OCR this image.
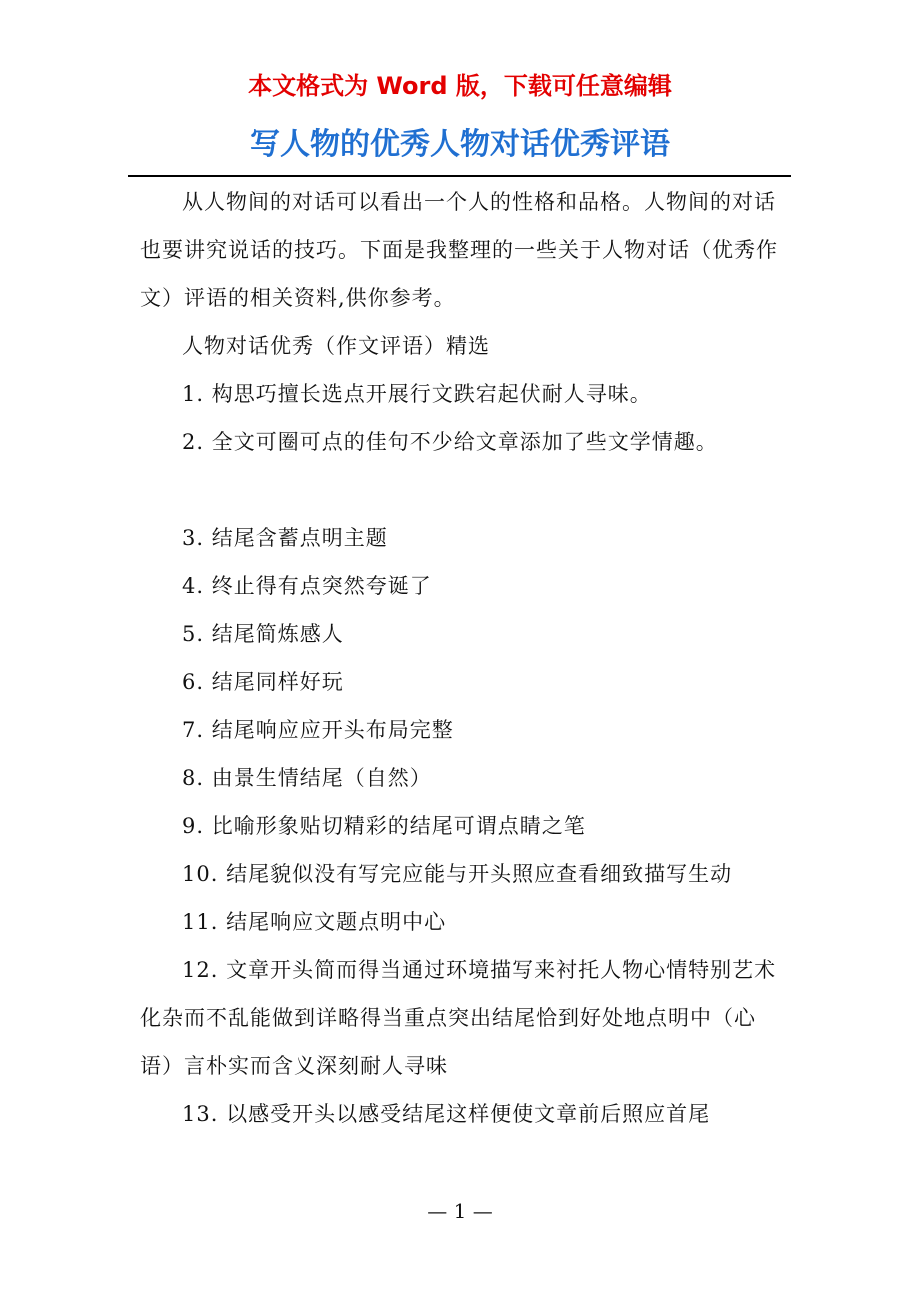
本文格式为 Word 版，下载可任意编辑
写人物的优秀人物对话优秀评语

从人物间的对话可以看出一个人的性格和品格。人物间的对话也要讲究说话的技巧。下面是我整理的一些关于人物对话（优秀作文）评语的相关资料,供你参考。

人物对话优秀（作文评语）精选

1. 构思巧擅长选点开展行文跌宕起伏耐人寻味。

2. 全文可圈可点的佳句不少给文章添加了些文学情趣。

3. 结尾含蓄点明主题

4. 终止得有点突然夸诞了

5. 结尾简炼感人

6. 结尾同样好玩

7. 结尾响应应开头布局完整

8. 由景生情结尾（自然）

9. 比喻形象贴切精彩的结尾可谓点睛之笔

10. 结尾貌似没有写完应能与开头照应查看细致描写生动

11. 结尾响应文题点明中心

12. 文章开头简而得当通过环境描写来衬托人物心情特别艺术化杂而不乱能做到详略得当重点突出结尾恰到好处地点明中（心语）言朴实而含义深刻耐人寻味

13. 以感受开头以感受结尾这样便使文章前后照应首尾

— 1 —
